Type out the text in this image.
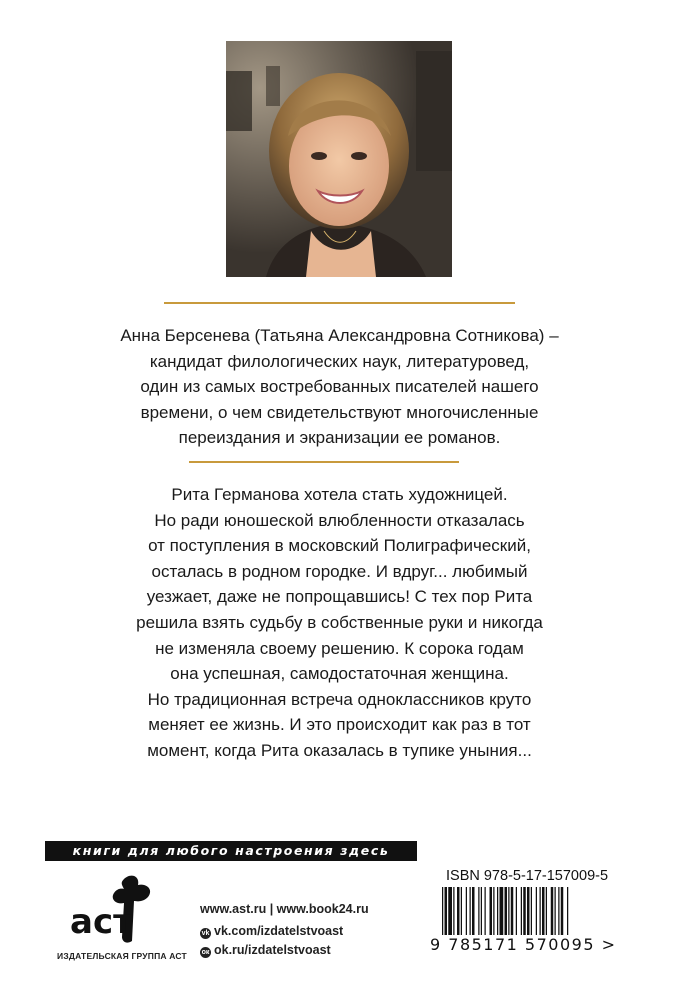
Анна Берсенева (Татьяна Александровна Сотникова) –
кандидат филологических наук, литературовед,
один из самых востребованных писателей нашего
времени, о чем свидетельствуют многочисленные
переиздания и экранизации ее романов.
Рита Германова хотела стать художницей.
Но ради юношеской влюбленности отказалась
от поступления в московский Полиграфический,
осталась в родном городке. И вдруг... любимый
уезжает, даже не попрощавшись! С тех пор Рита
решила взять судьбу в собственные руки и никогда
не изменяла своему решению. К сорока годам
она успешная, самодостаточная женщина.
Но традиционная встреча одноклассников круто
меняет ее жизнь. И это происходит как раз в тот
момент, когда Рита оказалась в тупике уныния...
книги для любого настроения здесь
аст
ИЗДАТЕЛЬСКАЯ ГРУППА АСТ
www.ast.ru | www.book24.ru
vk vk.com/izdatelstvoast
ок ok.ru/izdatelstvoast
ISBN 978-5-17-157009-5
9 785171 570095 >
